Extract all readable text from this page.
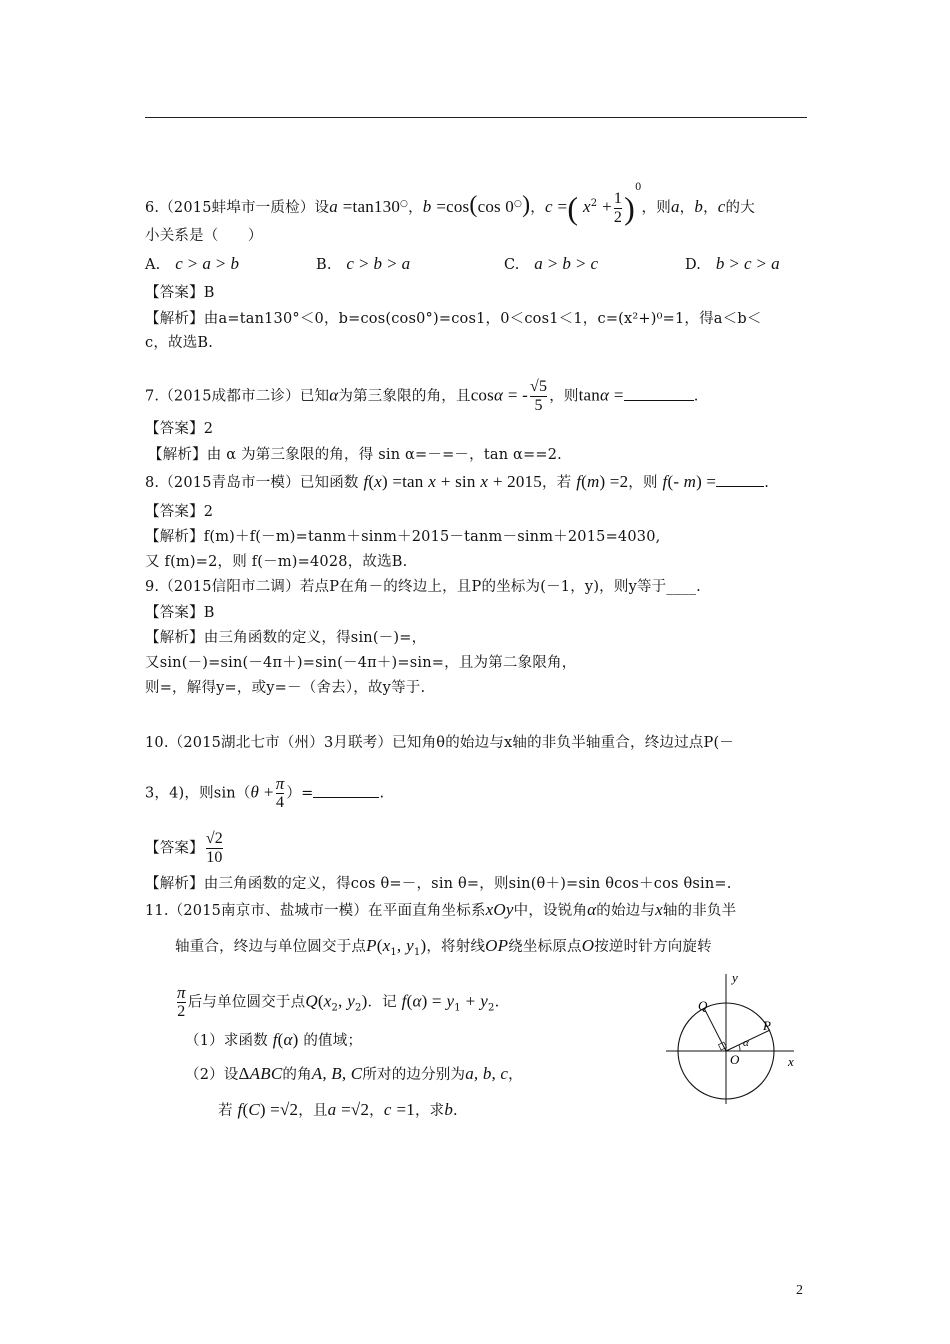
6.（2015蚌埠市一质检）设a =tan130○，b =cos(cos 0○)，c =( $x^2 + \frac{1}{2} )^0$，则a，b，c的大
小关系是（　　）
A.　c > a > b	B.　c > b > a	C.　a > b > c	D.　b > c > a
【答案】B
【解析】由a=tan130°＜0，b=cos(cos0°)=cos1，0＜cos1＜1，c=(x²+)⁰=1，得a＜b＜
c，故选B.
7.（2015成都市二诊）已知α为第三象限的角，且cosα = - $\frac{√5}{5}$ ，则tanα =	.
【答案】2
【解析】由 α 为第三象限的角，得 sin α=－=－，tan α==2.
8.（2015青岛市一模）已知函数 f(x) =tan x + sin x + 2015，若 f(m) =2，则 f(- m) =	.
【答案】2
【解析】f(m)＋f(－m)=tanm＋sinm＋2015－tanm－sinm＋2015=4030,
又 f(m)=2，则 f(－m)=4028，故选B.
9.（2015信阳市二调）若点P在角－的终边上，且P的坐标为(－1，y)，则y等于____.
【答案】B
【解析】由三角函数的定义，得sin(－)=，
又sin(－)=sin(－4π＋)=sin(－4π＋)=sin=，且为第二象限角，
则=，解得y=，或y=－（舍去），故y等于.
10.（2015湖北七市（州）3月联考）已知角θ的始边与x轴的非负半轴重合，终边过点P(－
3，4)，则$\sin(\theta + \frac{\pi}{4}$ ）=	.
【答案】 $\frac{√2}{10}$
【解析】由三角函数的定义，得cos θ=－，sin θ=，则sin(θ＋)=sin θcos＋cos θsin=.
11.（2015南京市、盐城市一模）在平面直角坐标系xOy中，设锐角α的始边与x轴的非负半
轴重合，终边与单位圆交于点$P(x_1$, $y_1$)，将射线OP绕坐标原点O按逆时针方向旋转
$\frac{\pi}{2}$ 后与单位圆交于点$Q(x_2$, $y_2$)．记 $f(\alpha) = y_1 + y_2$.
（1）求函数 f(α) 的值域；
（2）设ΔABC的角A, B, C所对的边分别为a, b, c，
若 f(C) =√2，且a =√2，c =1，求b.
y
x
O
Q
P
α
2
